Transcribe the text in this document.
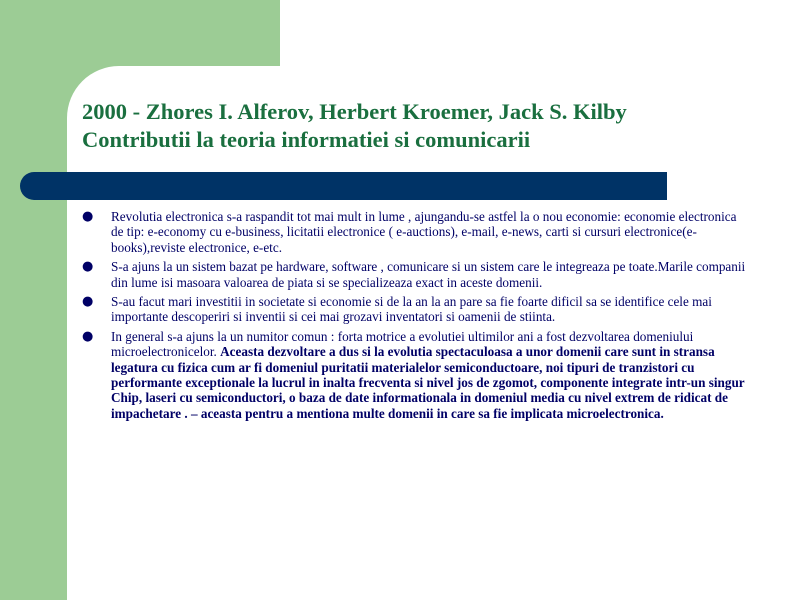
2000 - Zhores I. Alferov, Herbert Kroemer, Jack S. Kilby
Contributii la teoria informatiei si comunicarii
● Revolutia electronica s-a raspandit tot mai mult in lume , ajungandu-se astfel la o nou economie: economie electronica de tip: e-economy cu e-business, licitatii electronice ( e-auctions), e-mail, e-news, carti si cursuri electronice(e-books),reviste electronice, e-etc.
● S-a ajuns la un sistem bazat pe hardware, software , comunicare si un sistem care le integreaza pe toate.Marile companii din lume isi masoara valoarea de piata si se specializeaza exact in aceste domenii.
● S-au facut mari investitii in societate si economie si de la an la an pare sa fie foarte dificil sa se identifice cele mai importante descoperiri si inventii si cei mai grozavi inventatori si oamenii de stiinta.
● In general s-a ajuns la un numitor comun : forta motrice a evolutiei ultimilor ani a fost dezvoltarea domeniului microelectronicelor. Aceasta dezvoltare a dus si la evolutia spectaculoasa a unor domenii care sunt in stransa legatura cu fizica cum ar fi domeniul puritatii materialelor semiconductoare, noi tipuri de tranzistori cu performante exceptionale la lucrul in inalta frecventa si nivel jos de zgomot, componente integrate intr-un singur Chip, laseri cu semiconductori, o baza de date informationala in domeniul media cu nivel extrem de ridicat de impachetare . – aceasta pentru a mentiona multe domenii in care sa fie implicata microelectronica.
